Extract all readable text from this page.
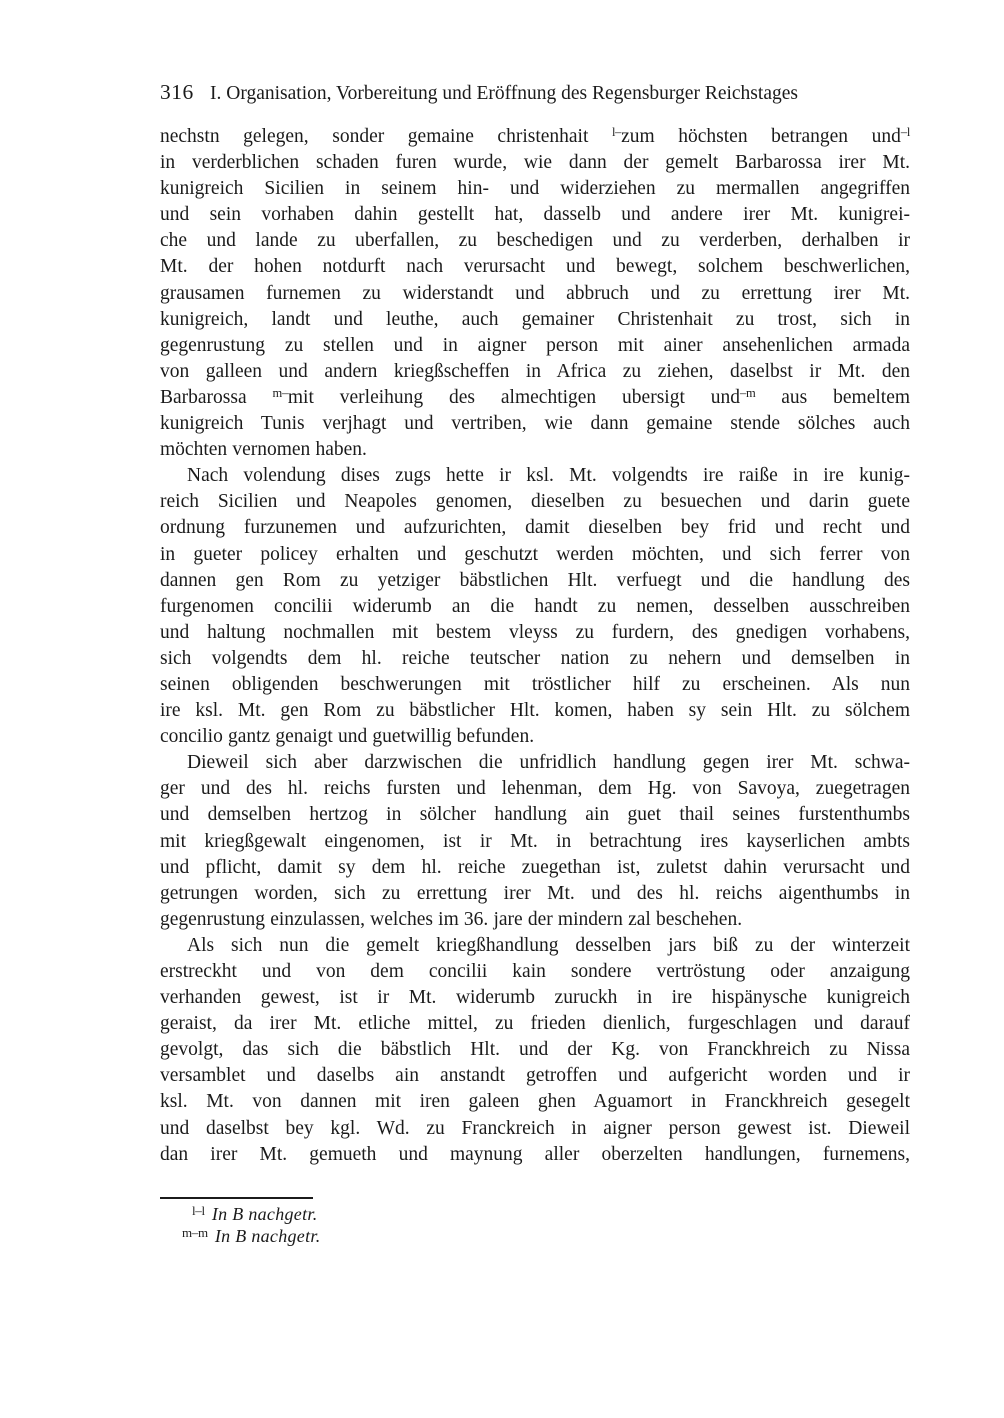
316 I. Organisation, Vorbereitung und Eröffnung des Regensburger Reichstages
nechstn gelegen, sonder gemaine christenhait $^{l-}$zum höchsten betrangen und$^{-l}$
in verderblichen schaden furen wurde, wie dann der gemelt Barbarossa irer Mt.
kunigreich Sicilien in seinem hin- und widerziehen zu mermallen angegriffen
und sein vorhaben dahin gestellt hat, dasselb und andere irer Mt. kunigrei-
che und lande zu uberfallen, zu beschedigen und zu verderben, derhalben ir
Mt. der hohen notdurft nach verursacht und bewegt, solchem beschwerlichen,
grausamen furnemen zu widerstandt und abbruch und zu errettung irer Mt.
kunigreich, landt und leuthe, auch gemainer Christenhait zu trost, sich in
gegenrustung zu stellen und in aigner person mit ainer ansehenlichen armada
von galleen und andern kriegßscheffen in Africa zu ziehen, daselbst ir Mt. den
Barbarossa $^{m-}$mit verleihung des almechtigen ubersigt und$^{-m}$ aus bemeltem
kunigreich Tunis verjhagt und vertriben, wie dann gemaine stende sölches auch
möchten vernomen haben.
Nach volendung dises zugs hette ir ksl. Mt. volgendts ire raiße in ire kunig-
reich Sicilien und Neapoles genomen, dieselben zu besuechen und darin guete
ordnung furzunemen und aufzurichten, damit dieselben bey frid und recht und
in gueter policey erhalten und geschutzt werden möchten, und sich ferrer von
dannen gen Rom zu yetziger bäbstlichen Hlt. verfuegt und die handlung des
furgenomen concilii widerumb an die handt zu nemen, desselben ausschreiben
und haltung nochmallen mit bestem vleyss zu furdern, des gnedigen vorhabens,
sich volgendts dem hl. reiche teutscher nation zu nehern und demselben in
seinen obligenden beschwerungen mit tröstlicher hilf zu erscheinen. Als nun
ire ksl. Mt. gen Rom zu bäbstlicher Hlt. komen, haben sy sein Hlt. zu sölchem
concilio gantz genaigt und guetwillig befunden.
Dieweil sich aber darzwischen die unfridlich handlung gegen irer Mt. schwa-
ger und des hl. reichs fursten und lehenman, dem Hg. von Savoya, zuegetragen
und demselben hertzog in sölcher handlung ain guet thail seines furstenthumbs
mit kriegßgewalt eingenomen, ist ir Mt. in betrachtung ires kayserlichen ambts
und pflicht, damit sy dem hl. reiche zuegethan ist, zuletst dahin verursacht und
getrungen worden, sich zu errettung irer Mt. und des hl. reichs aigenthumbs in
gegenrustung einzulassen, welches im 36. jare der mindern zal beschehen.
Als sich nun die gemelt kriegßhandlung desselben jars biß zu der winterzeit
erstreckht und von dem concilii kain sondere vertröstung oder anzaigung
verhanden gewest, ist ir Mt. widerumb zuruckh in ire hispänysche kunigreich
geraist, da irer Mt. etliche mittel, zu frieden dienlich, furgeschlagen und darauf
gevolgt, das sich die bäbstlich Hlt. und der Kg. von Franckhreich zu Nissa
versamblet und daselbs ain anstandt getroffen und aufgericht worden und ir
ksl. Mt. von dannen mit iren galeen ghen Aguamort in Franckhreich gesegelt
und daselbst bey kgl. Wd. zu Franckreich in aigner person gewest ist. Dieweil
dan irer Mt. gemueth und maynung aller oberzelten handlungen, furnemens,
$^{l-l}$ In B nachgetr.
$^{m-m}$ In B nachgetr.
